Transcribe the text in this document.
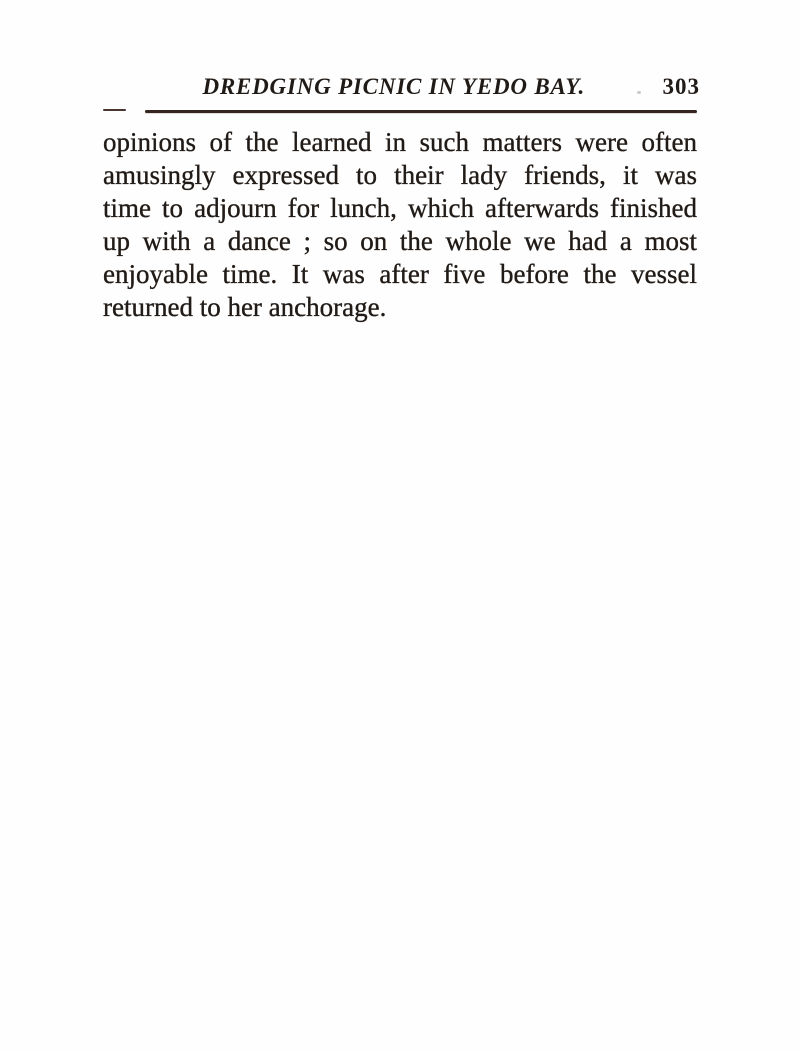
DREDGING PICNIC IN YEDO BAY.	303
opinions of the learned in such matters were often
amusingly expressed to their lady friends, it was
time to adjourn for lunch, which afterwards finished
up with a dance ; so on the whole we had a most
enjoyable time. It was after five before the vessel
returned to her anchorage.
